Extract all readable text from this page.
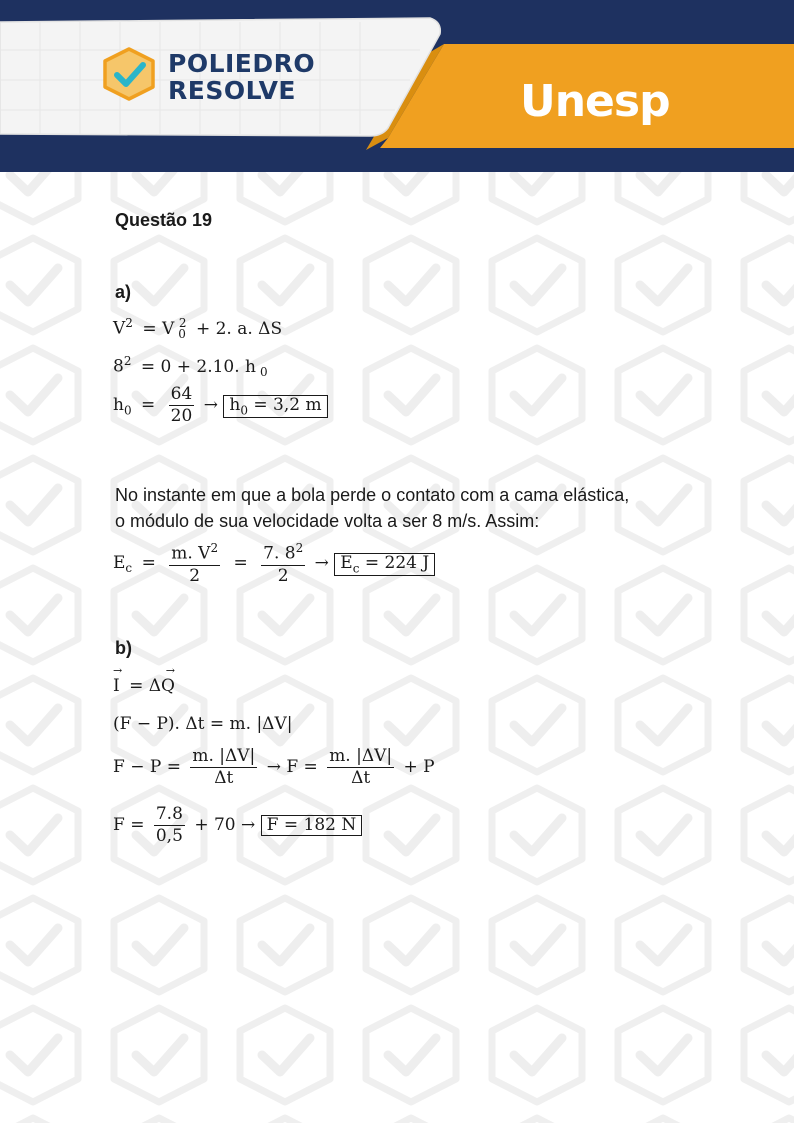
POLIEDRO
RESOLVE	Unesp
Questão 19
a)
$V^2 = V$ $_0^2$ + 2. a. ΔS
$8^2 = 0 + 2.10$. h $_0$
$h_0 = \frac{64}{20} \to h_0 = 3,2$ m
No instante em que a bola perde o contato com a cama elástica,
o módulo de sua velocidade volta a ser 8 m/s. Assim:
$E_c = \frac{m. V^2}{2} = \frac{7. 8^2}{2} \to E_c = 224$ J
b)
→
I = ΔQ
→
(F − P). Δt = m. |ΔV|
$F - P = \frac{m. |\Delta V|}{\Delta t} \to F = \frac{m. |\Delta V|}{\Delta t} + P$
$F = \frac{7.8}{0,5} + 70 \to F = 182$ N
